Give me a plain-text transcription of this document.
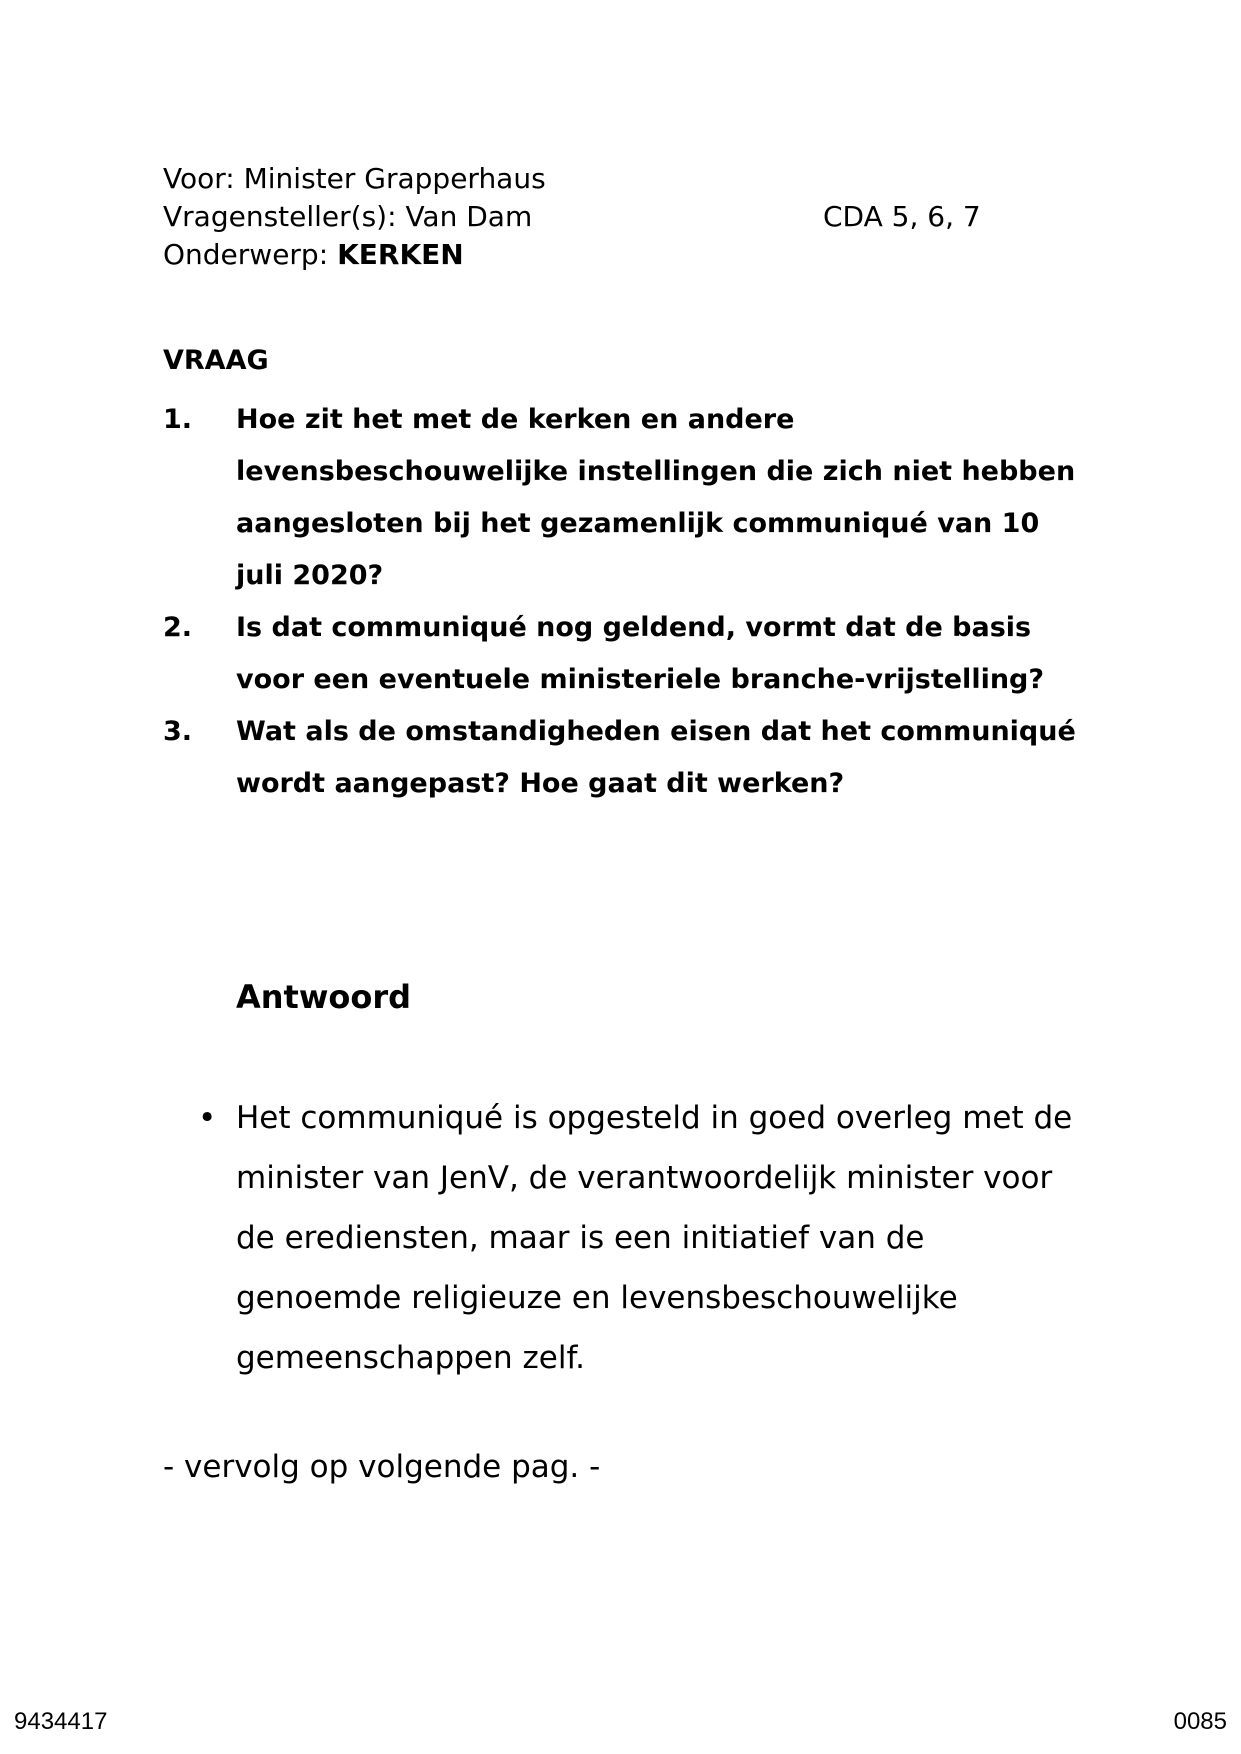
Voor: Minister Grapperhaus
Vragensteller(s): Van Dam	CDA 5, 6, 7
Onderwerp: KERKEN
VRAAG
1. Hoe zit het met de kerken en andere levensbeschouwelijke instellingen die zich niet hebben aangesloten bij het gezamenlijk communiqué van 10 juli 2020?
2. Is dat communiqué nog geldend, vormt dat de basis voor een eventuele ministeriele branche-vrijstelling?
3. Wat als de omstandigheden eisen dat het communiqué wordt aangepast? Hoe gaat dit werken?
Antwoord
• Het communiqué is opgesteld in goed overleg met de minister van JenV, de verantwoordelijk minister voor de erediensten, maar is een initiatief van de genoemde religieuze en levensbeschouwelijke gemeenschappen zelf.
- vervolg op volgende pag. -
9434417	0085
